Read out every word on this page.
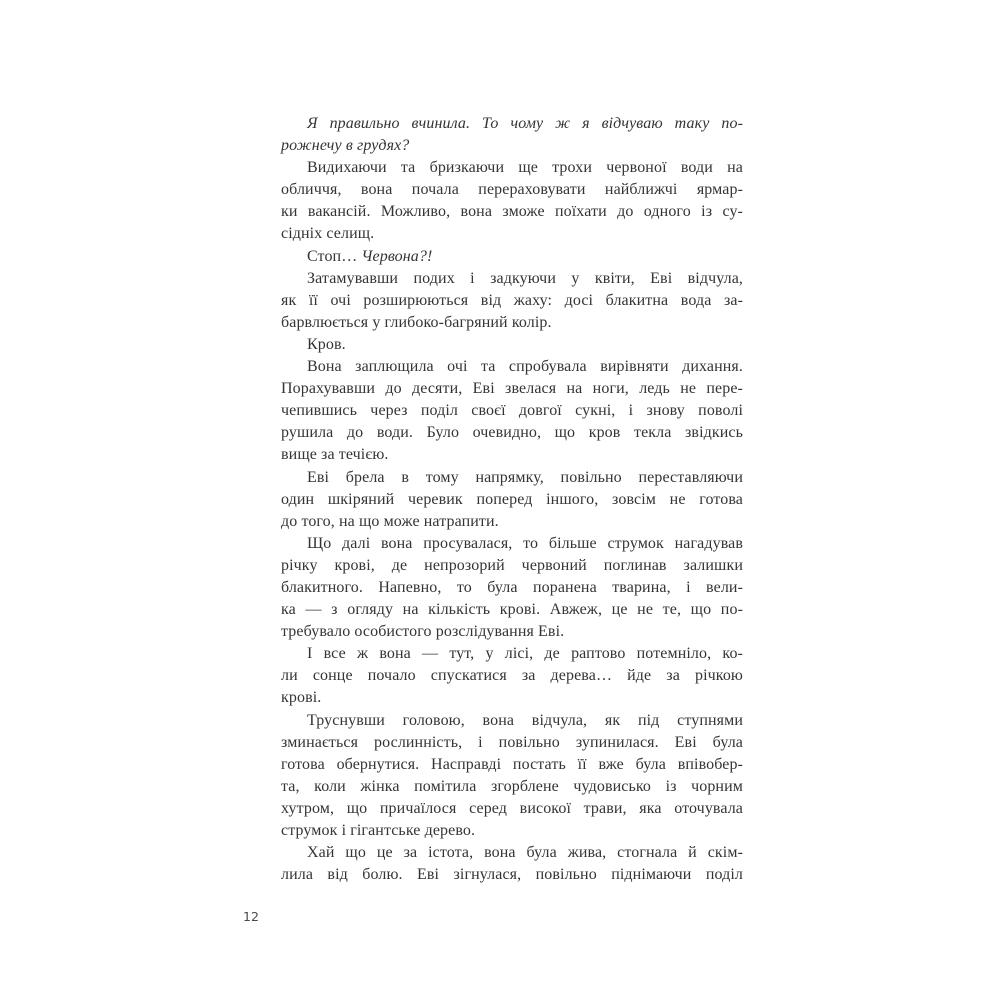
Я правильно вчинила. То чому ж я відчуваю таку по-
рожнечу в грудях?
Видихаючи та бризкаючи ще трохи червоної води на
обличчя, вона почала перераховувати найближчі ярмар-
ки вакансій. Можливо, вона зможе поїхати до одного із су-
сідніх селищ.
Стоп… Червона?!
Затамувавши подих і задкуючи у квіти, Еві відчула,
як її очі розширюються від жаху: досі блакитна вода за-
барвлюється у глибоко-багряний колір.
Кров.
Вона заплющила очі та спробувала вирівняти дихання.
Порахувавши до десяти, Еві звелася на ноги, ледь не пере-
чепившись через поділ своєї довгої сукні, і знову поволі
рушила до води. Було очевидно, що кров текла звідкись
вище за течією.
Еві брела в тому напрямку, повільно переставляючи
один шкіряний черевик поперед іншого, зовсім не готова
до того, на що може натрапити.
Що далі вона просувалася, то більше струмок нагадував
річку крові, де непрозорий червоний поглинав залишки
блакитного. Напевно, то була поранена тварина, і вели-
ка — з огляду на кількість крові. Авжеж, це не те, що по-
требувало особистого розслідування Еві.
І все ж вона — тут, у лісі, де раптово потемніло, ко-
ли сонце почало спускатися за дерева… йде за річкою
крові.
Труснувши головою, вона відчула, як під ступнями
зминається рослинність, і повільно зупинилася. Еві була
готова обернутися. Насправді постать її вже була впівобер-
та, коли жінка помітила згорблене чудовисько із чорним
хутром, що причаїлося серед високої трави, яка оточувала
струмок і гігантське дерево.
Хай що це за істота, вона була жива, стогнала й скім-
лила від болю. Еві зігнулася, повільно піднімаючи поділ
12
